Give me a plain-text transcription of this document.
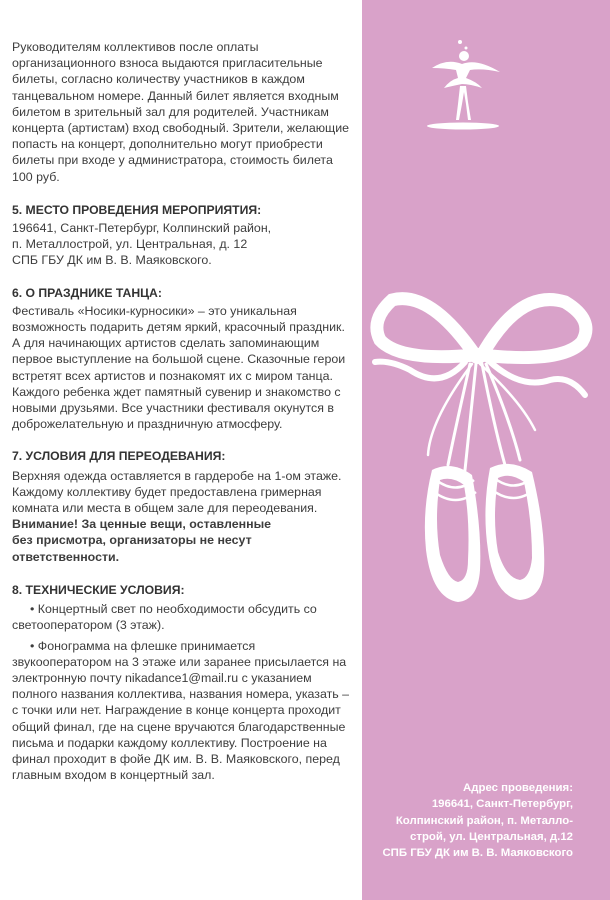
Руководителям коллективов после оплаты организационного взноса выдаются пригласительные билеты, согласно количеству участников в каждом танцевальном номере. Данный билет является входным билетом в зрительный зал для родителей. Участникам концерта (артистам) вход свободный. Зрители, желающие попасть на концерт, дополнительно могут приобрести билеты при входе у администратора, стоимость билета 100 руб.

5. МЕСТО ПРОВЕДЕНИЯ МЕРОПРИЯТИЯ:

196641, Санкт-Петербург, Колпинский район,

п. Металлострой, ул. Центральная, д. 12

СПБ ГБУ ДК им В. В. Маяковского.

6. О ПРАЗДНИКЕ ТАНЦА:

Фестиваль «Носики-курносики» – это уникальная возможность подарить детям яркий, красочный праздник. А для начинающих артистов сделать запоминающим первое выступление на большой сцене. Сказочные герои встретят всех артистов и познакомят их с миром танца. Каждого ребенка ждет памятный сувенир и знакомство с новыми друзьями. Все участники фестиваля окунутся в доброжелательную и праздничную атмосферу.

7. УСЛОВИЯ ДЛЯ ПЕРЕОДЕВАНИЯ:

Верхняя одежда оставляется в гардеробе на 1-ом этаже. Каждому коллективу будет предоставлена гримерная комната или места в общем зале для переодевания.

Внимание! За ценные вещи, оставленные без присмотра, организаторы не несут ответственности.

8. ТЕХНИЧЕСКИЕ УСЛОВИЯ:

• Концертный свет по необходимости обсудить со светооператором (3 этаж).

• Фонограмма на флешке принимается звукооператором на 3 этаже или заранее присылается на электронную почту nikadance1@mail.ru с указанием полного названия коллектива, названия номера, указать – с точки или нет. Награждение в конце концерта проходит общий финал, где на сцене вручаются благодарственные письма и подарки каждому коллективу. Построение на финал проходит в фойе ДК им. В. В. Маяковского, перед главным входом в концертный зал.

Адрес проведения:
196641, Санкт-Петербург,
Колпинский район, п. Металло-
строй, ул. Центральная, д.12
СПБ ГБУ ДК им В. В. Маяковского
